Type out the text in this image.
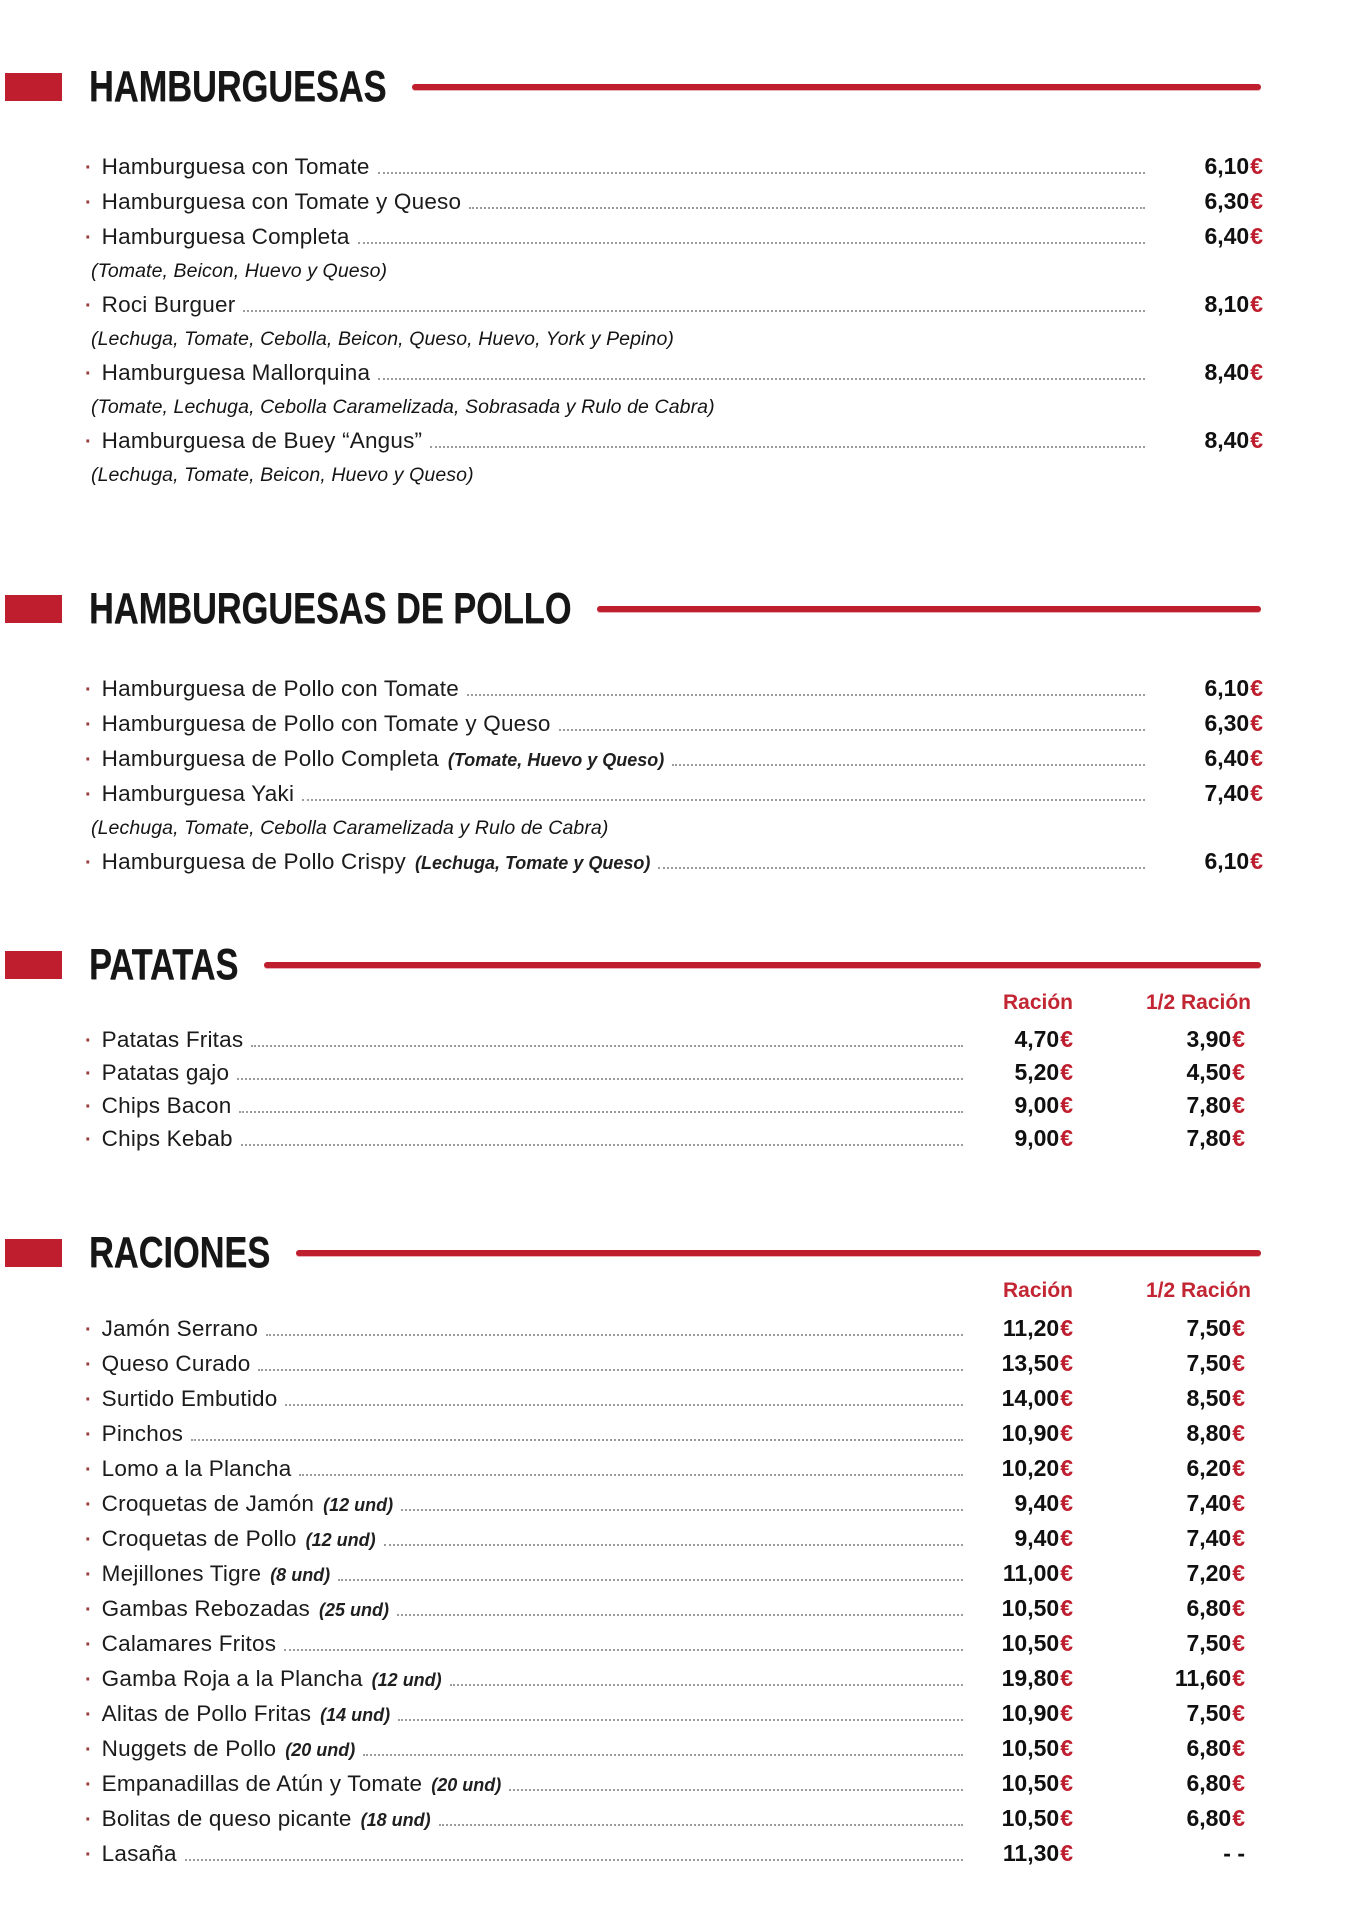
HAMBURGUESAS
· Hamburguesa con Tomate	6,10€
· Hamburguesa con Tomate y Queso	6,30€
· Hamburguesa Completa	6,40€
(Tomate, Beicon, Huevo y Queso)
· Roci Burguer	8,10€
(Lechuga, Tomate, Cebolla, Beicon, Queso, Huevo, York y Pepino)
· Hamburguesa Mallorquina	8,40€
(Tomate, Lechuga, Cebolla Caramelizada, Sobrasada y Rulo de Cabra)
· Hamburguesa de Buey “Angus”	8,40€
(Lechuga, Tomate, Beicon, Huevo y Queso)
HAMBURGUESAS DE POLLO
· Hamburguesa de Pollo con Tomate	6,10€
· Hamburguesa de Pollo con Tomate y Queso	6,30€
· Hamburguesa de Pollo Completa (Tomate, Huevo y Queso)	6,40€
· Hamburguesa Yaki	7,40€
(Lechuga, Tomate, Cebolla Caramelizada y Rulo de Cabra)
· Hamburguesa de Pollo Crispy (Lechuga, Tomate y Queso)	6,10€
PATATAS
Ración	1/2 Ración
· Patatas Fritas	4,70€	3,90€
· Patatas gajo	5,20€	4,50€
· Chips Bacon	9,00€	7,80€
· Chips Kebab	9,00€	7,80€
RACIONES
Ración	1/2 Ración
· Jamón Serrano	11,20€	7,50€
· Queso Curado	13,50€	7,50€
· Surtido Embutido	14,00€	8,50€
· Pinchos	10,90€	8,80€
· Lomo a la Plancha	10,20€	6,20€
· Croquetas de Jamón (12 und)	9,40€	7,40€
· Croquetas de Pollo (12 und)	9,40€	7,40€
· Mejillones Tigre (8 und)	11,00€	7,20€
· Gambas Rebozadas (25 und)	10,50€	6,80€
· Calamares Fritos	10,50€	7,50€
· Gamba Roja a la Plancha (12 und)	19,80€	11,60€
· Alitas de Pollo Fritas (14 und)	10,90€	7,50€
· Nuggets de Pollo (20 und)	10,50€	6,80€
· Empanadillas de Atún y Tomate (20 und)	10,50€	6,80€
· Bolitas de queso picante (18 und)	10,50€	6,80€
· Lasaña	11,30€	- -
